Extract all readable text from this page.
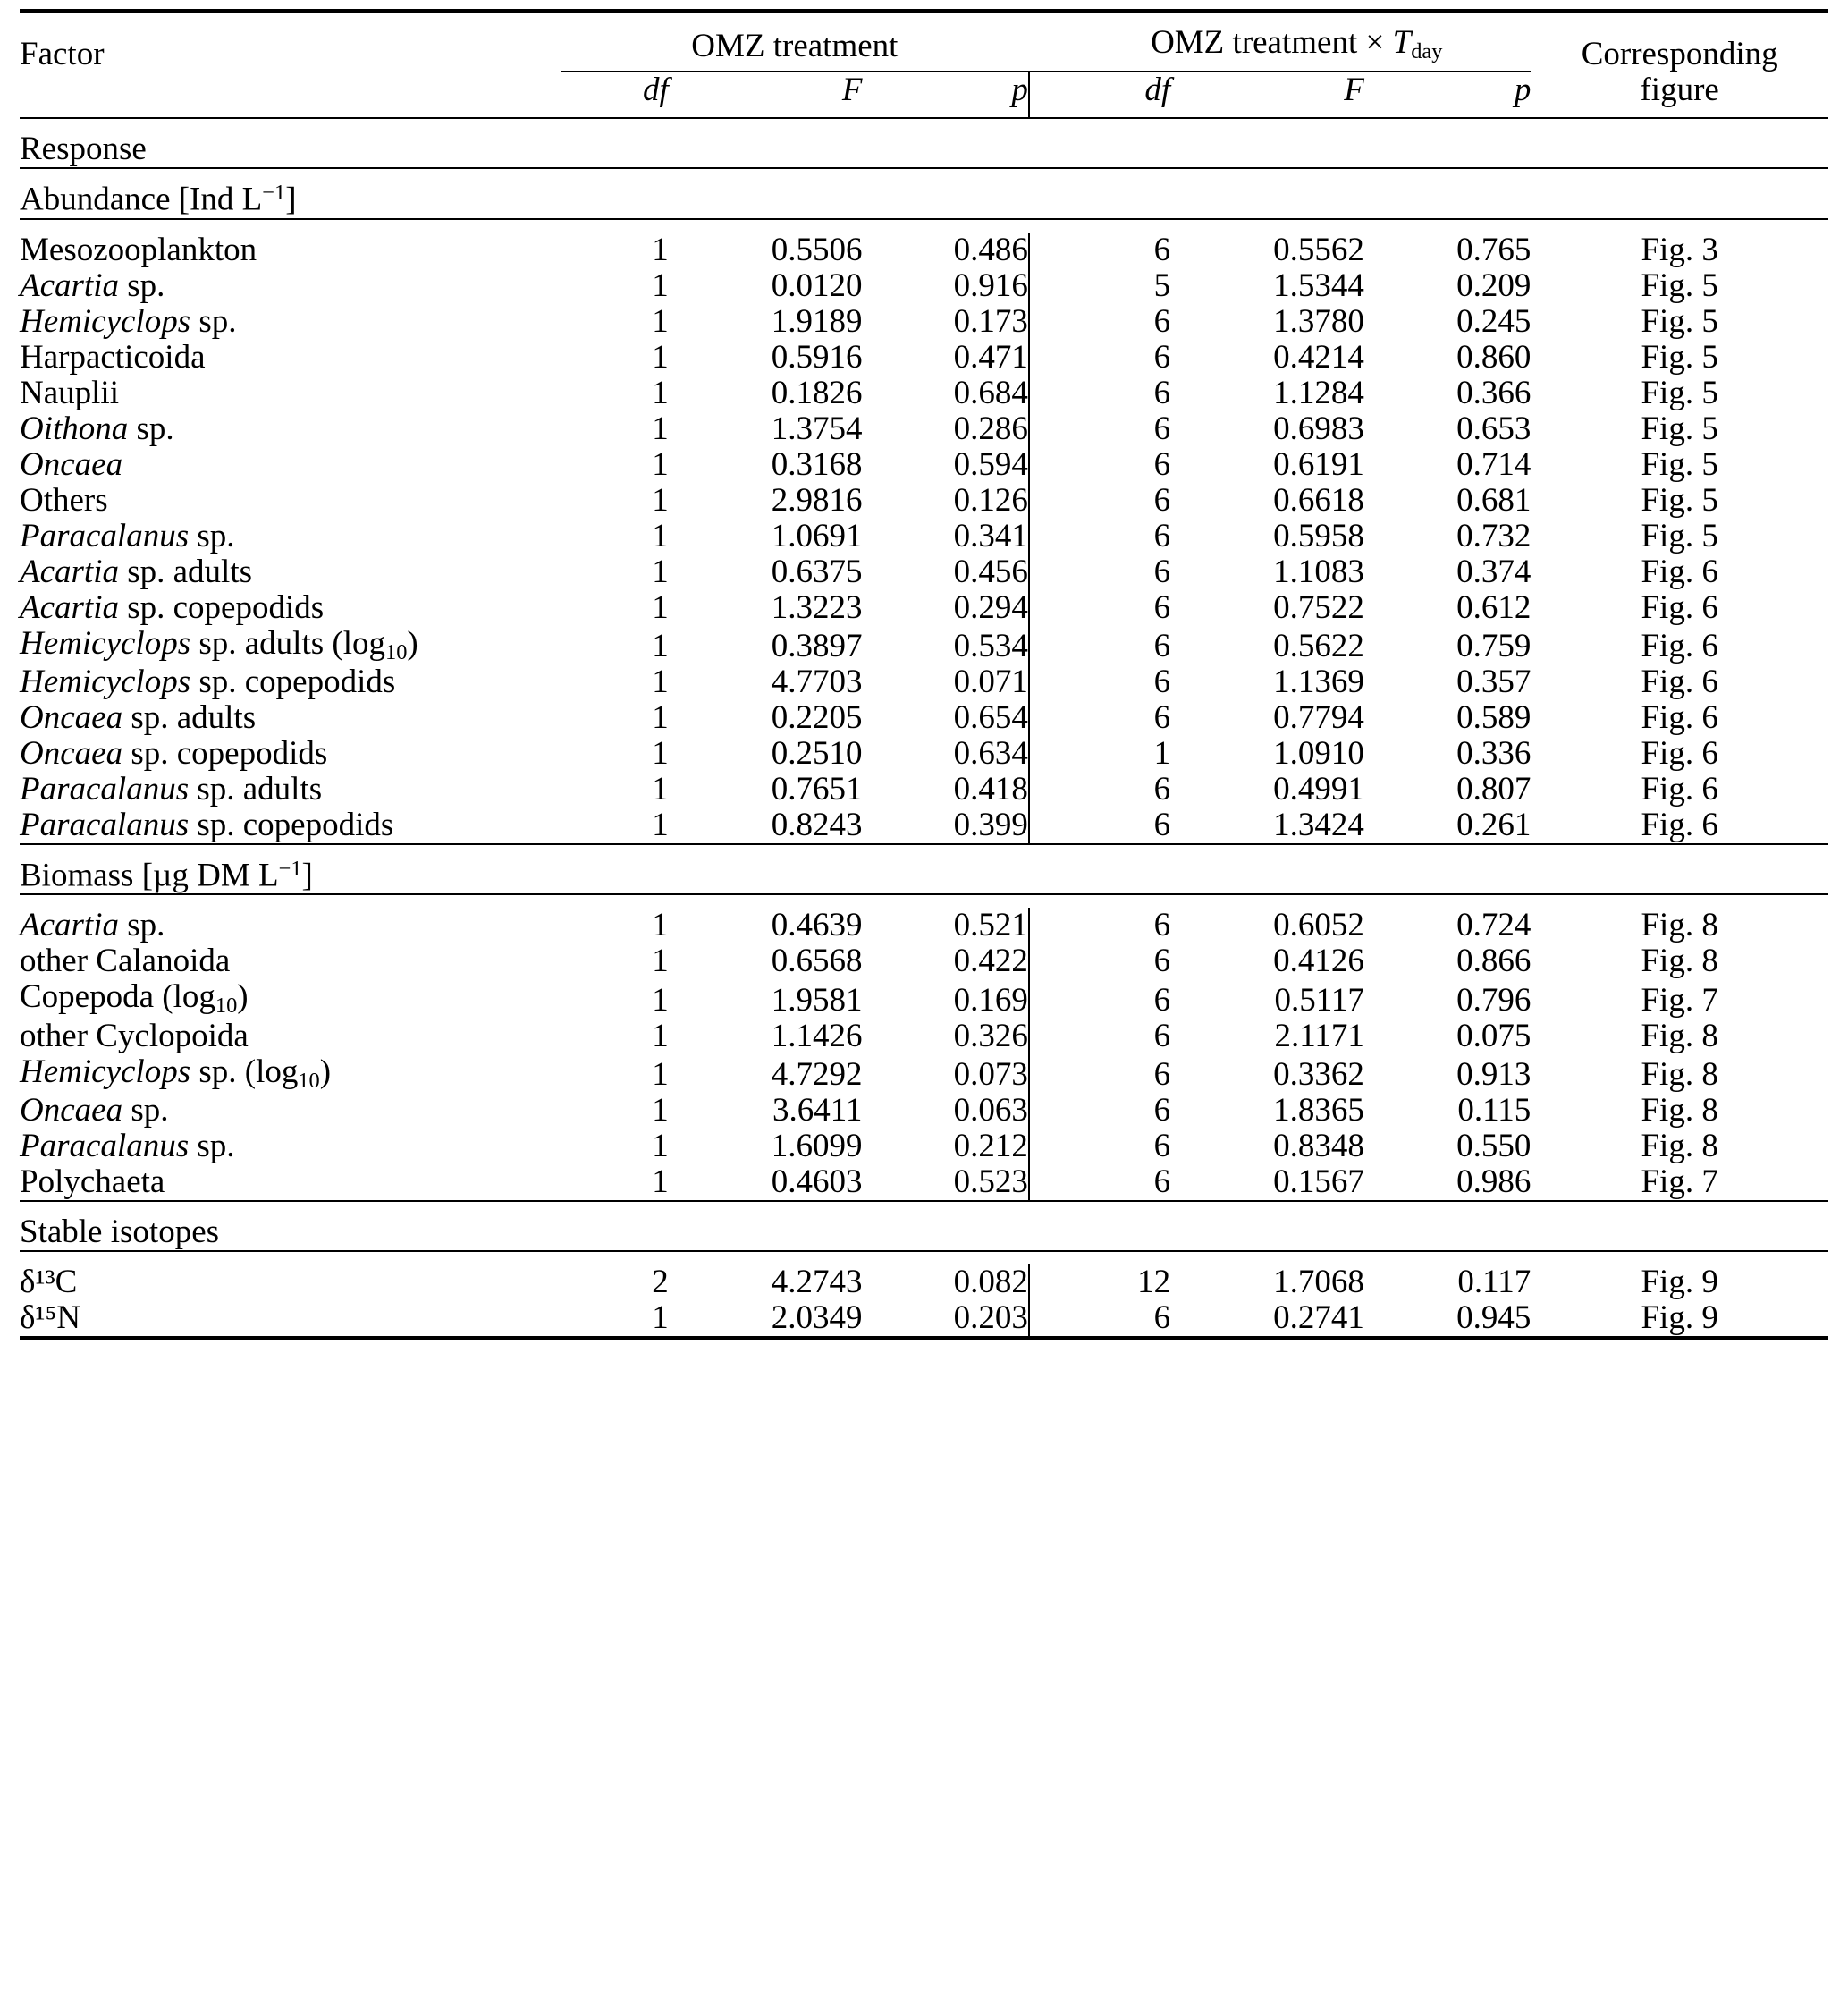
Factor	OMZ treatment				OMZ treatment × $T_{day}$			Corresponding
	df	F	p		df	F	p	figure

Response								

Abundance [Ind $L^{-1}$]								

Mesozooplankton	1	0.5506	0.486		6	0.5562	0.765	Fig. 3
Acartia sp.	1	0.0120	0.916		5	1.5344	0.209	Fig. 5
Hemicyclops sp.	1	1.9189	0.173		6	1.3780	0.245	Fig. 5
Harpacticoida	1	0.5916	0.471		6	0.4214	0.860	Fig. 5
Nauplii	1	0.1826	0.684		6	1.1284	0.366	Fig. 5
Oithona sp.	1	1.3754	0.286		6	0.6983	0.653	Fig. 5
Oncaea	1	0.3168	0.594		6	0.6191	0.714	Fig. 5
Others	1	2.9816	0.126		6	0.6618	0.681	Fig. 5
Paracalanus sp.	1	1.0691	0.341		6	0.5958	0.732	Fig. 5
Acartia sp. adults	1	0.6375	0.456		6	1.1083	0.374	Fig. 6
Acartia sp. copepodids	1	1.3223	0.294		6	0.7522	0.612	Fig. 6
Hemicyclops sp. adults $(\log_{10})$	1	0.3897	0.534		6	0.5622	0.759	Fig. 6
Hemicyclops sp. copepodids	1	4.7703	0.071		6	1.1369	0.357	Fig. 6
Oncaea sp. adults	1	0.2205	0.654		6	0.7794	0.589	Fig. 6
Oncaea sp. copepodids	1	0.2510	0.634		1	1.0910	0.336	Fig. 6
Paracalanus sp. adults	1	0.7651	0.418		6	0.4991	0.807	Fig. 6
Paracalanus sp. copepodids	1	0.8243	0.399		6	1.3424	0.261	Fig. 6

Biomass [µg DM $L^{-1}$]								

Acartia sp.	1	0.4639	0.521		6	0.6052	0.724	Fig. 8
other Calanoida	1	0.6568	0.422		6	0.4126	0.866	Fig. 8
Copepoda $(\log_{10})$	1	1.9581	0.169		6	0.5117	0.796	Fig. 7
other Cyclopoida	1	1.1426	0.326		6	2.1171	0.075	Fig. 8
Hemicyclops sp. $(\log_{10})$	1	4.7292	0.073		6	0.3362	0.913	Fig. 8
Oncaea sp.	1	3.6411	0.063		6	1.8365	0.115	Fig. 8
Paracalanus sp.	1	1.6099	0.212		6	0.8348	0.550	Fig. 8
Polychaeta	1	0.4603	0.523		6	0.1567	0.986	Fig. 7

Stable isotopes								

δ¹³C	2	4.2743	0.082		12	1.7068	0.117	Fig. 9
δ¹⁵N	1	2.0349	0.203		6	0.2741	0.945	Fig. 9
